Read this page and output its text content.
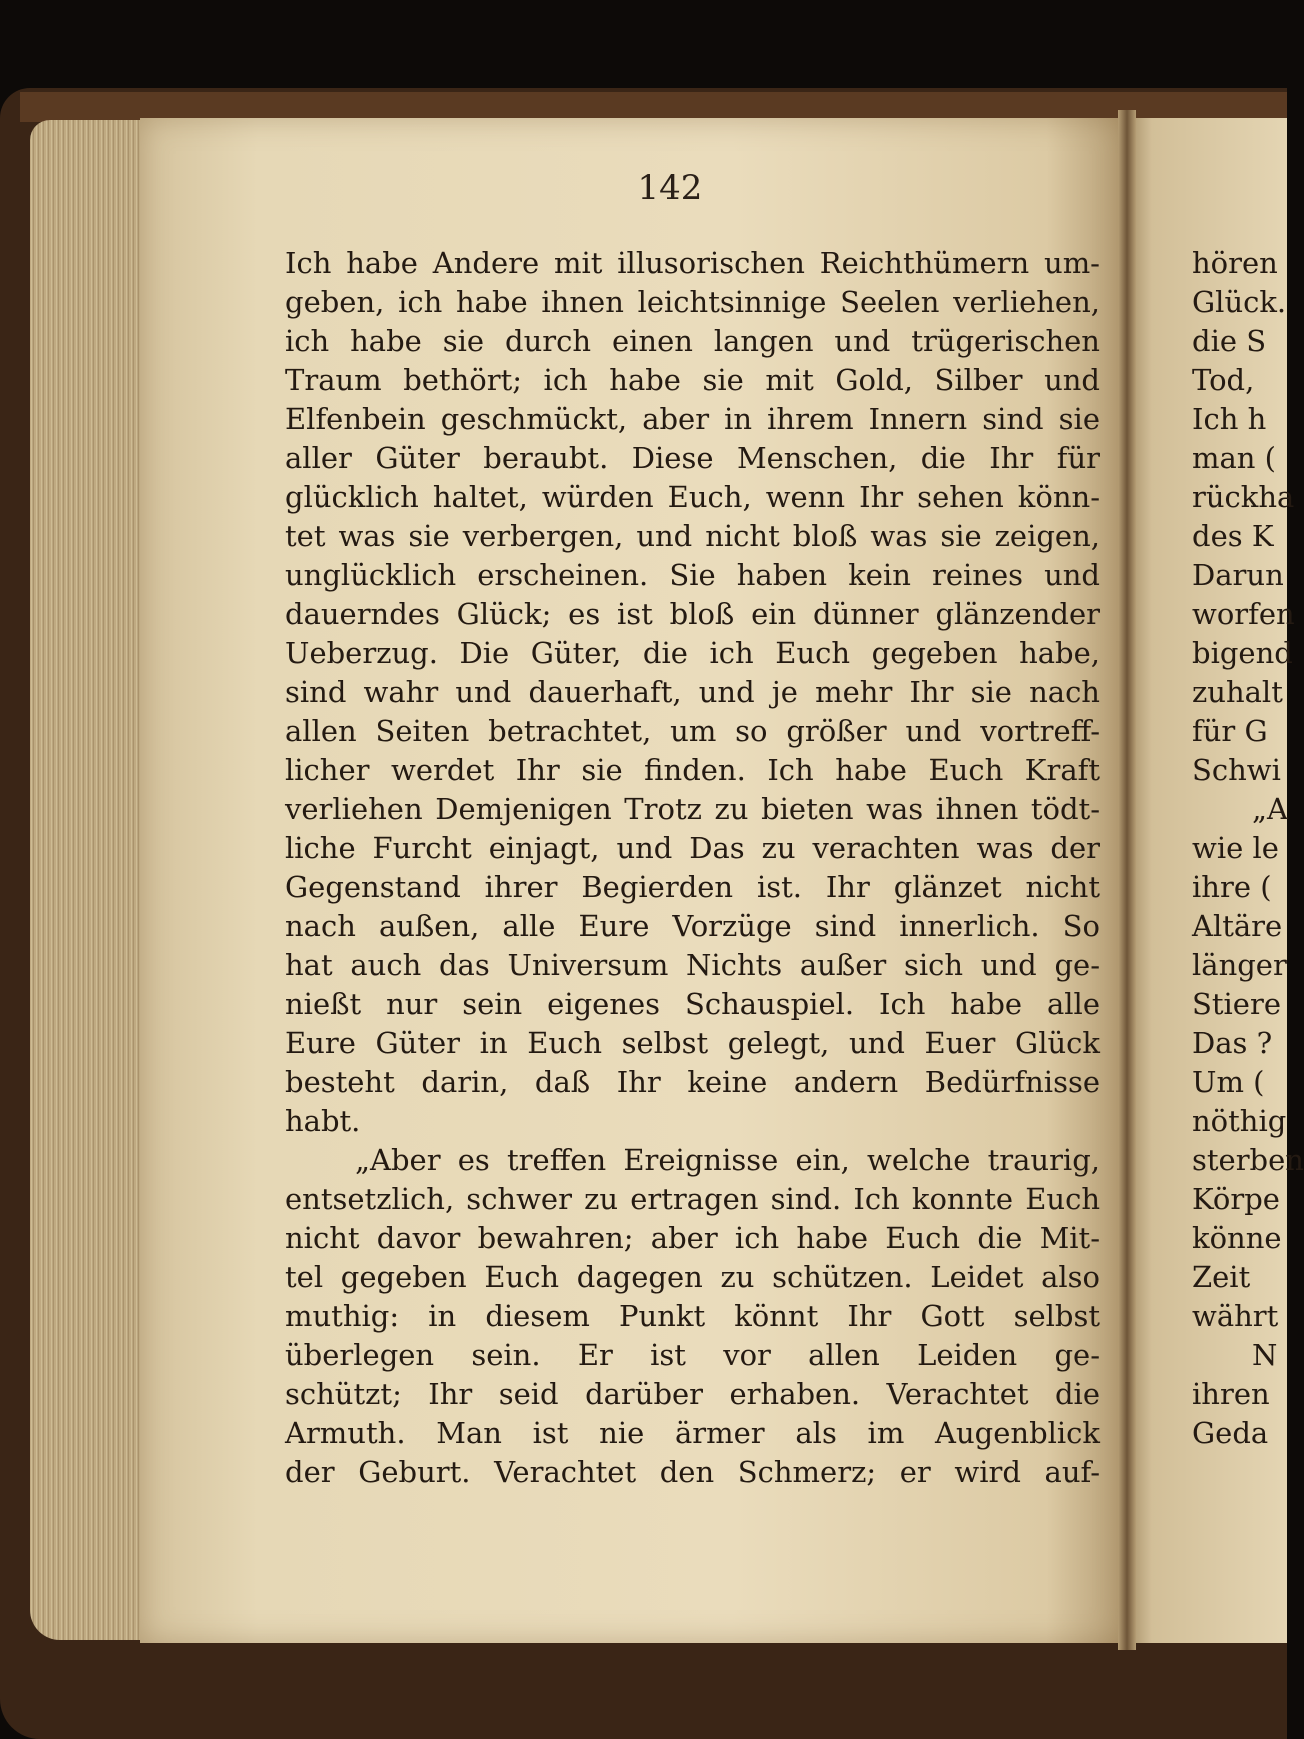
142
Ich habe Andere mit illusorischen Reichthümern um-
geben, ich habe ihnen leichtsinnige Seelen verliehen,
ich habe sie durch einen langen und trügerischen
Traum bethört; ich habe sie mit Gold, Silber und
Elfenbein geschmückt, aber in ihrem Innern sind sie
aller Güter beraubt. Diese Menschen, die Ihr für
glücklich haltet, würden Euch, wenn Ihr sehen könn-
tet was sie verbergen, und nicht bloß was sie zeigen,
unglücklich erscheinen. Sie haben kein reines und
dauerndes Glück; es ist bloß ein dünner glänzender
Ueberzug. Die Güter, die ich Euch gegeben habe,
sind wahr und dauerhaft, und je mehr Ihr sie nach
allen Seiten betrachtet, um so größer und vortreff-
licher werdet Ihr sie finden. Ich habe Euch Kraft
verliehen Demjenigen Trotz zu bieten was ihnen tödt-
liche Furcht einjagt, und Das zu verachten was der
Gegenstand ihrer Begierden ist. Ihr glänzet nicht
nach außen, alle Eure Vorzüge sind innerlich. So
hat auch das Universum Nichts außer sich und ge-
nießt nur sein eigenes Schauspiel. Ich habe alle
Eure Güter in Euch selbst gelegt, und Euer Glück
besteht darin, daß Ihr keine andern Bedürfnisse
habt.
„Aber es treffen Ereignisse ein, welche traurig,
entsetzlich, schwer zu ertragen sind. Ich konnte Euch
nicht davor bewahren; aber ich habe Euch die Mit-
tel gegeben Euch dagegen zu schützen. Leidet also
muthig: in diesem Punkt könnt Ihr Gott selbst
überlegen sein. Er ist vor allen Leiden ge-
schützt; Ihr seid darüber erhaben. Verachtet die
Armuth. Man ist nie ärmer als im Augenblick
der Geburt. Verachtet den Schmerz; er wird auf-
hören
Glück.
die S
Tod,
Ich h
man (
rückha
des K
Darun
worfen
bigend
zuhalt
für G
Schwi
„A
wie le
ihre (
Altäre
länger
Stiere
Das ?
Um (
nöthig
sterben
Körpe
könne
Zeit
währt
N
ihren
Geda
